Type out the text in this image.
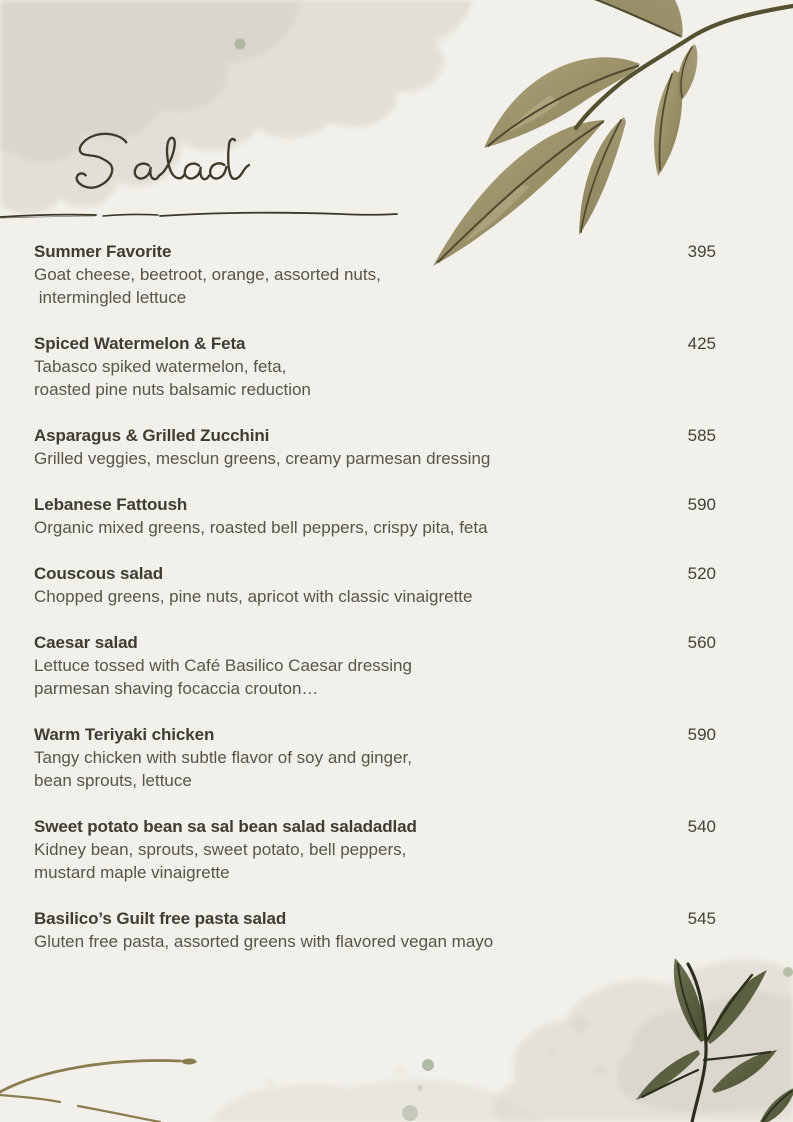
Summer Favorite	395
Goat cheese, beetroot, orange, assorted nuts,
intermingled lettuce
Spiced Watermelon & Feta	425
Tabasco spiked watermelon, feta,
roasted pine nuts balsamic reduction
Asparagus & Grilled Zucchini	585
Grilled veggies, mesclun greens, creamy parmesan dressing
Lebanese Fattoush	590
Organic mixed greens, roasted bell peppers, crispy pita, feta
Couscous salad	520
Chopped greens, pine nuts, apricot with classic vinaigrette
Caesar salad	560
Lettuce tossed with Café Basilico Caesar dressing
parmesan shaving focaccia crouton…
Warm Teriyaki chicken	590
Tangy chicken with subtle flavor of soy and ginger,
bean sprouts, lettuce
Sweet potato bean sa sal bean salad saladadlad	540
Kidney bean, sprouts, sweet potato, bell peppers,
mustard maple vinaigrette
Basilico’s Guilt free pasta salad	545
Gluten free pasta, assorted greens with flavored vegan mayo
